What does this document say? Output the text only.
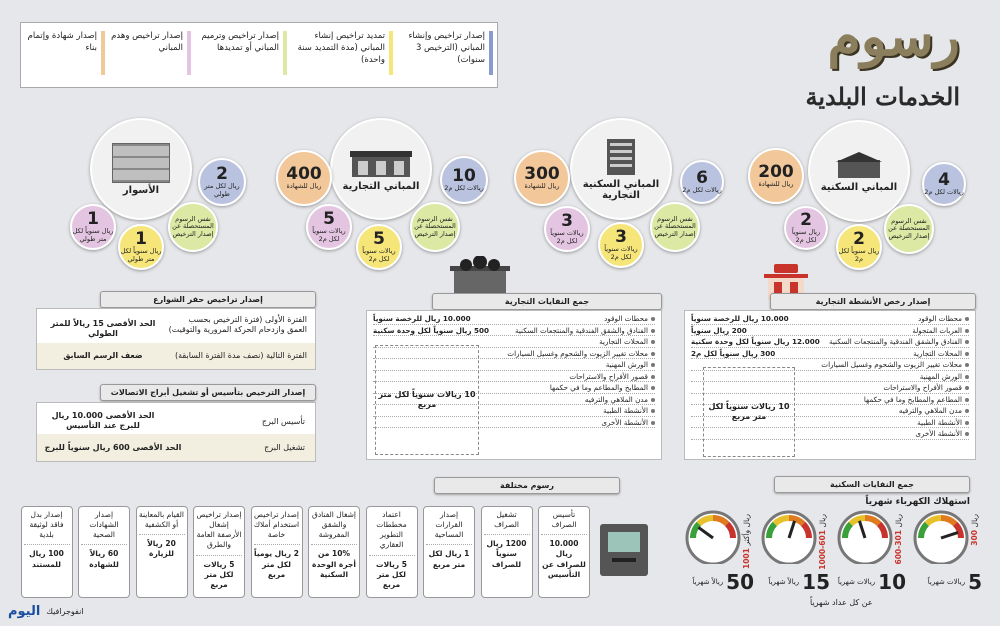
رسوم
الخدمات البلدية
إصدار تراخيص وإنشاء المباني (الترخيص 3 سنوات)
تمديد تراخيص إنشاء المباني (مدة التمديد سنة واحدة)
إصدار تراخيص وترميم المباني أو تمديدها
إصدار تراخيص وهدم المباني
إصدار شهادة وإتمام بناء
المباني السكنية 4
ريالات لكل م2
200
ريال للشهادة
2
ريال سنوياً لكل م2	2
ريال سنوياً لكل م2
نفس الرسوم المستحصلة عن إصدار الترخيص
المباني السكنية التجارية
6
ريالات لكل م2
300
ريال للشهادة
3
ريالات سنوياً لكل م2	3
ريالات سنوياً لكل م2
نفس الرسوم المستحصلة عن إصدار الترخيص
المباني التجارية
10
ريالات لكل م2
400
ريال للشهادة
5
ريالات سنوياً لكل م2	5
ريالات سنوياً لكل م2
نفس الرسوم المستحصلة عن إصدار الترخيص
الأسوار
2
ريال لكل متر طولي
1
ريال سنوياً لكل متر طولي	1
ريال سنوياً لكل متر طولي
نفس الرسوم المستحصلة عن إصدار الترخيص
إصدار رخص الأنشطة التجارية
محطات الوقود
10.000 ريال للرخصة سنوياً
العربات المتجولة
200 ريال سنوياً
الفنادق والشقق الفندقية والمنتجعات السكنية
12.000 ريال سنوياً لكل وحدة سكنية
المحلات التجارية
300 ريال سنوياً لكل م2
محلات تغيير الزيوت والشحوم وغسيل السيارات
الورش المهنية
قصور الأفراح والاستراحات
المطاعم والمطابخ وما في حكمها
مدن الملاهي والترفيه
الأنشطة الطبية
الأنشطة الأخرى
10 ريالات سنوياً لكل متر مربع
جمع النفايات التجارية
محطات الوقود
10.000 ريال للرخصة سنوياً
الفنادق والشقق الفندقية والمنتجعات السكنية
500 ريال سنوياً لكل وحدة سكنية
المحلات التجارية
محلات تغيير الزيوت والشحوم وغسيل السيارات
الورش المهنية
قصور الأفراح والاستراحات
المطابخ والمطاعم وما في حكمها
مدن الملاهي والترفيه
الأنشطة الطبية
الأنشطة الأخرى
10 ريالات سنوياً لكل متر مربع
إصدار تراخيص حفر الشوارع
الفترة الأولى (فترة الترخيص بحسب العمق وازدحام الحركة المرورية والتوقيت)
الحد الأقصى 15 ريالاً للمتر الطولي
الفترة التالية (نصف مدة الفترة السابقة)
ضعف الرسم السابق
إصدار الترخيص بتأسيس أو تشغيل أبراج الاتصالات
تأسيس البرج
الحد الأقصى 10.000 ريال للبرج عند التأسيس
تشغيل البرج
الحد الأقصى 600 ريال سنوياً للبرج
رسوم مختلفة
تأسيس الصراف
10.000 ريال للصراف عن التأسيس
تشغيل الصراف
1200 ريال سنوياً للصراف
إصدار القرارات المساحية
1 ريال لكل متر مربع
اعتماد مخططات التطوير العقاري
5 ريالات لكل متر مربع
إشغال الفنادق والشقق المفروشة
10% من أجرة الوحدة السكنية
إصدار تراخيص استخدام أملاك خاصة
2 ريال يومياً لكل متر مربع
إصدار تراخيص إشغال الأرصفة العامة والطرق
5 ريالات لكل متر مربع
القيام بالمعاينة أو الكشفية
20 ريالاً للزيارة
إصدار الشهادات الصحية
60 ريالاً للشهادة
إصدار بدل فاقد لوثيقة بلدية
100 ريال للمستند
جمع النفايات السكنية
استهلاك الكهرباء شهرياً
300 ريال
5
ريالات شهرياً
600-301 ريال
10
ريالات شهرياً
1000-601 ريال
15
ريالاً شهرياً
1001 ريال وأكثر
50
ريالاً شهرياً
عن كل عداد شهرياً
اليوم انفوجرافيك
